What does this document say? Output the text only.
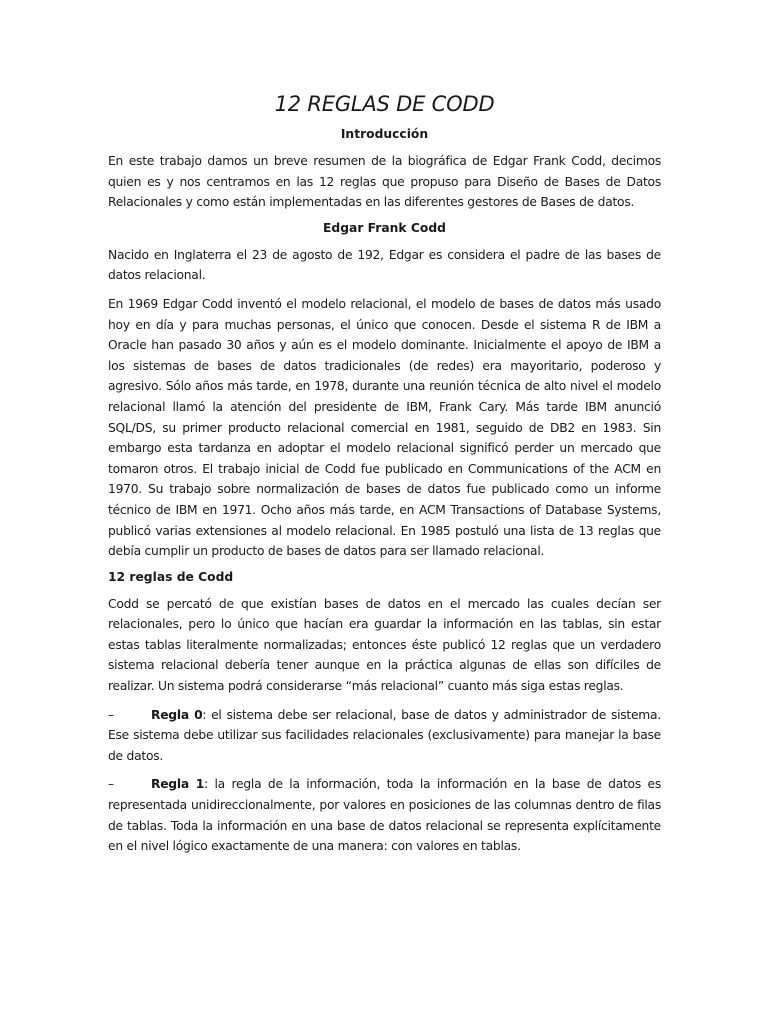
12 REGLAS DE CODD
Introducción

En este trabajo damos un breve resumen de la biográfica de Edgar Frank Codd, decimos quien es y nos centramos en las 12 reglas que propuso para Diseño de Bases de Datos Relacionales y como están implementadas en las diferentes gestores de Bases de datos.

Edgar Frank Codd

Nacido en Inglaterra el 23 de agosto de 192, Edgar es considera el padre de las bases de datos relacional.

En 1969 Edgar Codd inventó el modelo relacional, el modelo de bases de datos más usado hoy en día y para muchas personas, el único que conocen. Desde el sistema R de IBM a Oracle han pasado 30 años y aún es el modelo dominante. Inicialmente el apoyo de IBM a los sistemas de bases de datos tradicionales (de redes) era mayoritario, poderoso y agresivo. Sólo años más tarde, en 1978, durante una reunión técnica de alto nivel el modelo relacional llamó la atención del presidente de IBM, Frank Cary. Más tarde IBM anunció SQL/DS, su primer producto relacional comercial en 1981, seguido de DB2 en 1983. Sin embargo esta tardanza en adoptar el modelo relacional significó perder un mercado que tomaron otros. El trabajo inicial de Codd fue publicado en Communications of the ACM en 1970. Su trabajo sobre normalización de bases de datos fue publicado como un informe técnico de IBM en 1971. Ocho años más tarde, en ACM Transactions of Database Systems, publicó varias extensiones al modelo relacional. En 1985 postuló una lista de 13 reglas que debía cumplir un producto de bases de datos para ser llamado relacional.

12 reglas de Codd

Codd se percató de que existían bases de datos en el mercado las cuales decían ser relacionales, pero lo único que hacían era guardar la información en las tablas, sin estar estas tablas literalmente normalizadas; entonces éste publicó 12 reglas que un verdadero sistema relacional debería tener aunque en la práctica algunas de ellas son difíciles de realizar. Un sistema podrá considerarse “más relacional” cuanto más siga estas reglas.

–	Regla 0: el sistema debe ser relacional, base de datos y administrador de sistema. Ese sistema debe utilizar sus facilidades relacionales (exclusivamente) para manejar la base de datos.

–	Regla 1: la regla de la información, toda la información en la base de datos es representada unidireccionalmente, por valores en posiciones de las columnas dentro de filas de tablas. Toda la información en una base de datos relacional se representa explícitamente en el nivel lógico exactamente de una manera: con valores en tablas.
